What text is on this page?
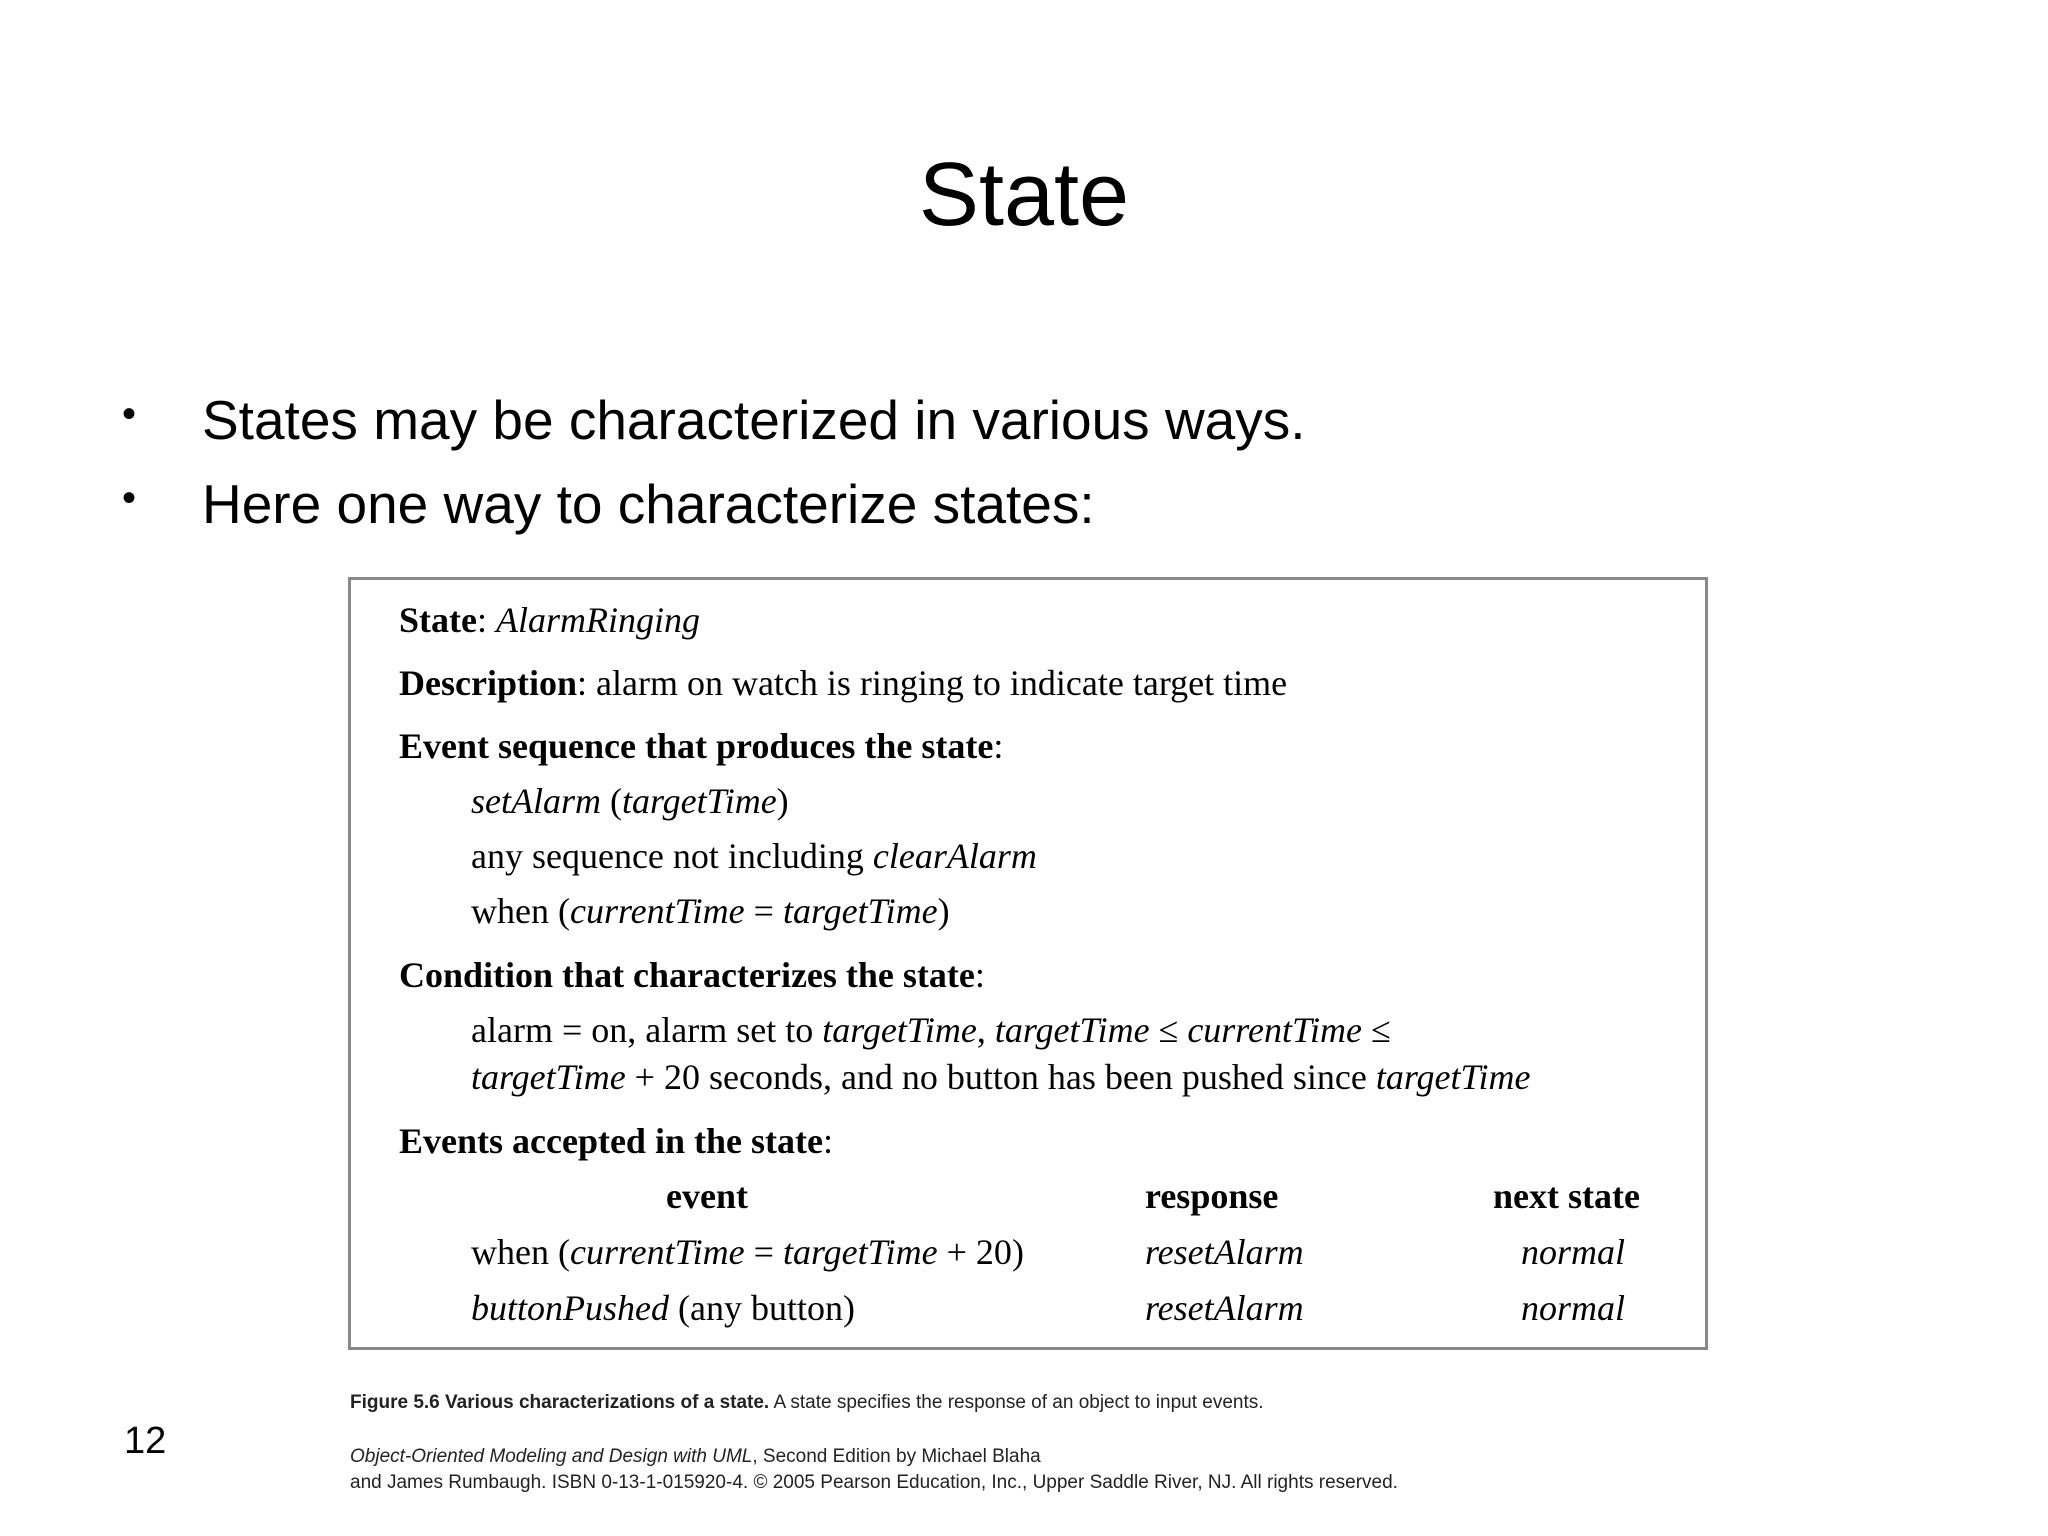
State
• States may be characterized in various ways.
• Here one way to characterize states:
State: AlarmRinging
Description: alarm on watch is ringing to indicate target time
Event sequence that produces the state:
setAlarm (targetTime)
any sequence not including clearAlarm
when (currentTime = targetTime)
Condition that characterizes the state:
alarm = on, alarm set to targetTime, targetTime ≤ currentTime ≤
targetTime + 20 seconds, and no button has been pushed since targetTime
Events accepted in the state:
event	response	next state
when (currentTime = targetTime + 20)	resetAlarm	normal
buttonPushed (any button)	resetAlarm	normal
Figure 5.6 Various characterizations of a state. A state specifies the response of an object to input events.
Object-Oriented Modeling and Design with UML, Second Edition by Michael Blaha
and James Rumbaugh. ISBN 0-13-1-015920-4. © 2005 Pearson Education, Inc., Upper Saddle River, NJ. All rights reserved.
12
